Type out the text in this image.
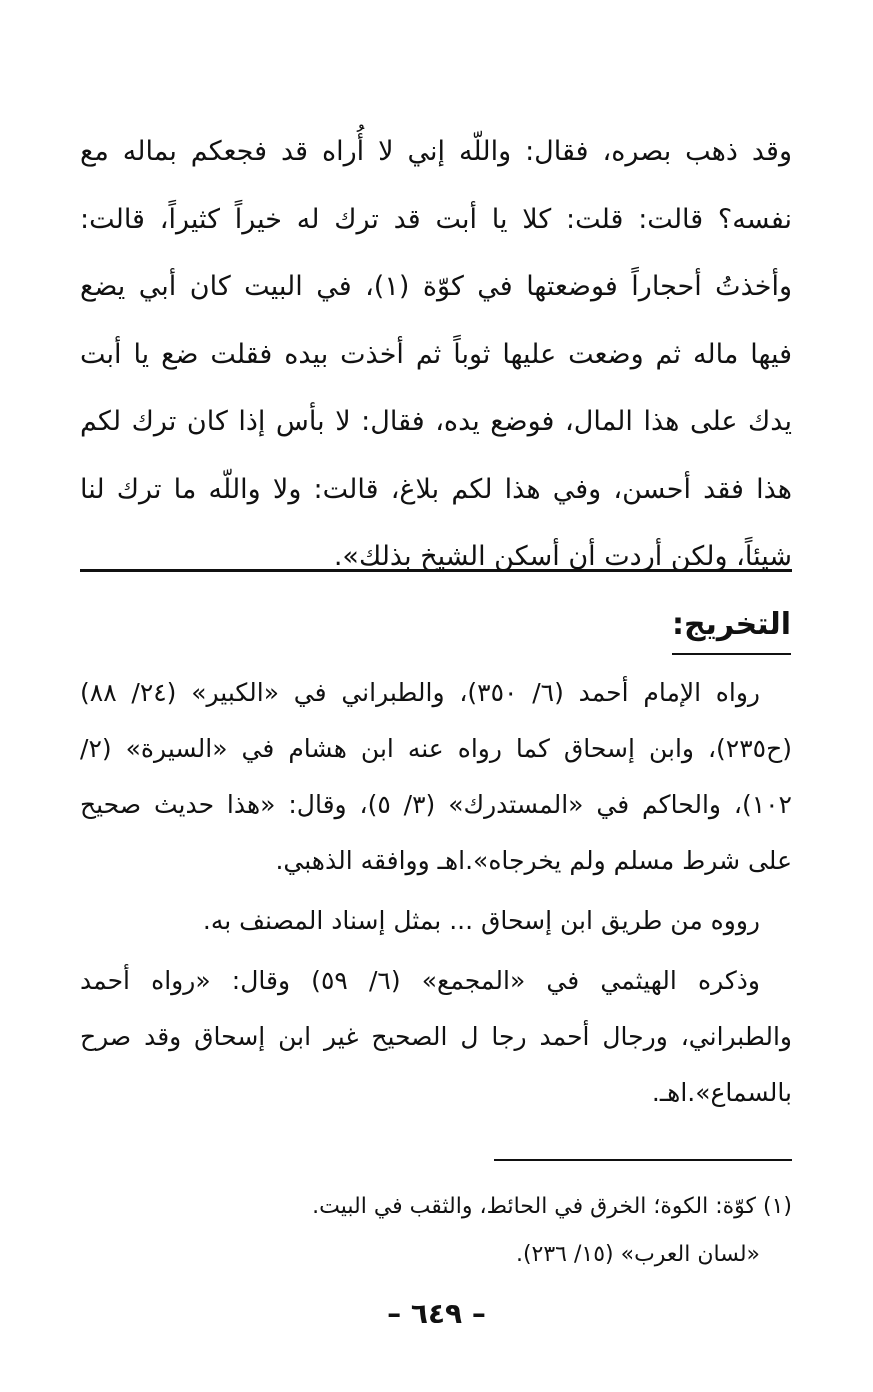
وقد ذهب بصره، فقال: واللّه إني لا أُراه قد فجعكم بماله مع نفسه؟ قالت: قلت: كلا يا أبت قد ترك له خيراً كثيراً، قالت: وأخذتُ أحجاراً فوضعتها في كوّة (١)، في البيت كان أبي يضع فيها ماله ثم وضعت عليها ثوباً ثم أخذت بيده فقلت ضع يا أبت يدك على هذا المال، فوضع يده، فقال: لا بأس إذا كان ترك لكم هذا فقد أحسن، وفي هذا لكم بلاغ، قالت: ولا واللّه ما ترك لنا شيئاً، ولكن أردت أن أسكن الشيخ بذلك».

التخريج:

رواه الإمام أحمد (٦/ ٣٥٠)، والطبراني في «الكبير» (٢٤/ ٨٨) (ح٢٣٥)، وابن إسحاق كما رواه عنه ابن هشام في «السيرة» (٢/ ١٠٢)، والحاكم في «المستدرك» (٣/ ٥)، وقال: «هذا حديث صحيح على شرط مسلم ولم يخرجاه».اهـ ووافقه الذهبي.

رووه من طريق ابن إسحاق ... بمثل إسناد المصنف به.

وذكره الهيثمي في «المجمع» (٦/ ٥٩) وقال: «رواه أحمد والطبراني، ورجال أحمد رجا ل الصحيح غير ابن إسحاق وقد صرح بالسماع».اهـ.

(١) كوّة: الكوة؛ الخرق في الحائط، والثقب في البيت.

«لسان العرب» (١٥/ ٢٣٦).

– ٦٤٩ –
